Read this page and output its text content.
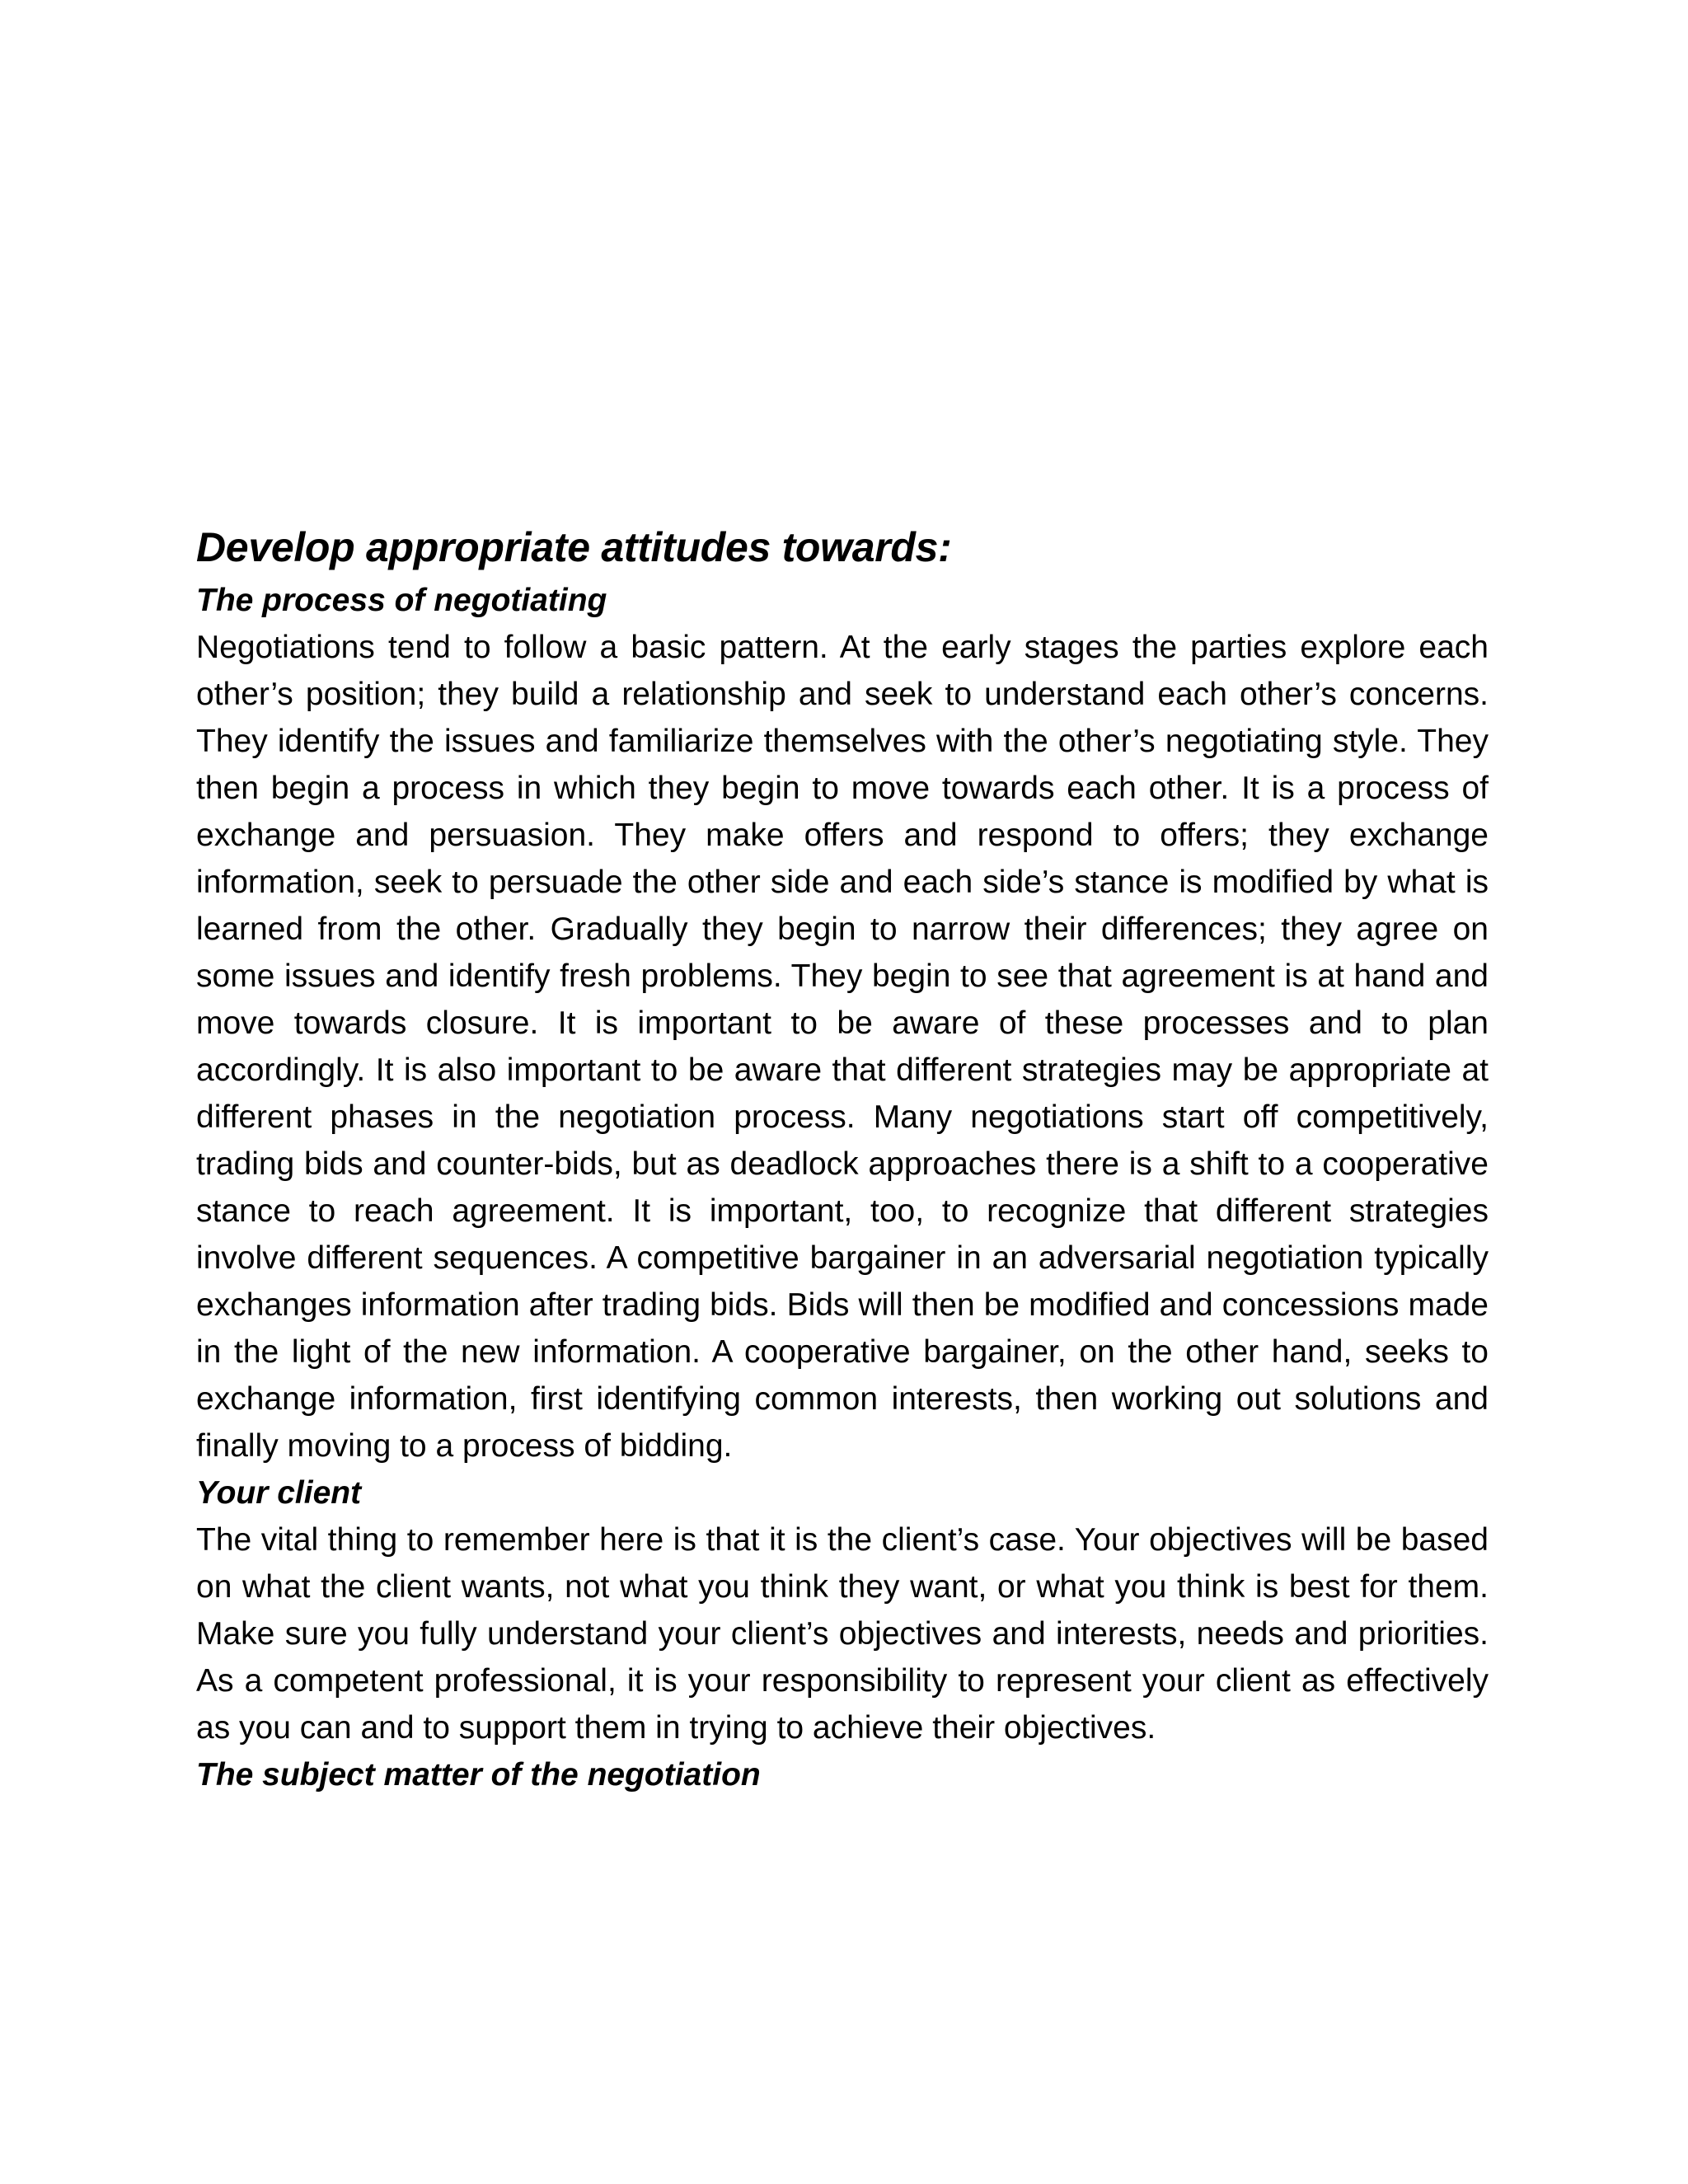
Develop appropriate attitudes towards:
The process of negotiating

Negotiations tend to follow a basic pattern. At the early stages the parties explore each other’s position; they build a relationship and seek to understand each other’s concerns. They identify the issues and familiarize themselves with the other’s negotiating style. They then begin a process in which they begin to move towards each other. It is a process of exchange and persuasion. They make offers and respond to offers; they exchange information, seek to persuade the other side and each side’s stance is modified by what is learned from the other. Gradually they begin to narrow their differences; they agree on some issues and identify fresh problems. They begin to see that agreement is at hand and move towards closure. It is important to be aware of these processes and to plan accordingly. It is also important to be aware that different strategies may be appropriate at different phases in the negotiation process. Many negotiations start off competitively, trading bids and counter-bids, but as deadlock approaches there is a shift to a cooperative stance to reach agreement. It is important, too, to recognize that different strategies involve different sequences. A competitive bargainer in an adversarial negotiation typically exchanges information after trading bids. Bids will then be modified and concessions made in the light of the new information. A cooperative bargainer, on the other hand, seeks to exchange information, first identifying common interests, then working out solutions and finally moving to a process of bidding.

Your client

The vital thing to remember here is that it is the client’s case. Your objectives will be based on what the client wants, not what you think they want, or what you think is best for them. Make sure you fully understand your client’s objectives and interests, needs and priorities. As a competent professional, it is your responsibility to represent your client as effectively as you can and to support them in trying to achieve their objectives.

The subject matter of the negotiation
